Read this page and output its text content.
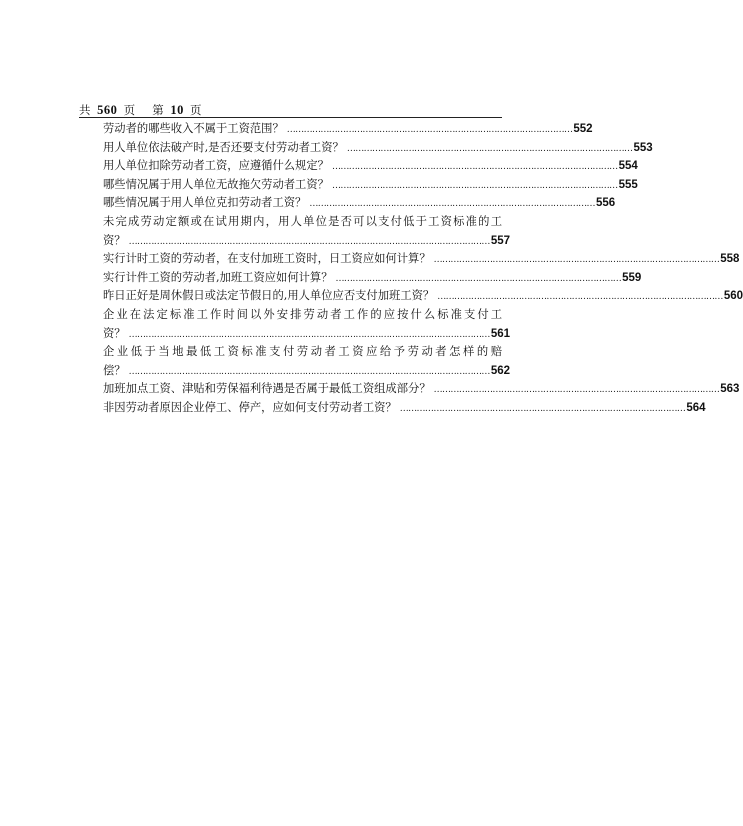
共 560 页 第 10 页
劳动者的哪些收入不属于工资范围？ ………………………………………………………………………………………… 552
用人单位依法破产时,是否还要支付劳动者工资？ ………………………………………………………………………………………… 553
用人单位扣除劳动者工资，应遵循什么规定？ ………………………………………………………………………………………… 554
哪些情况属于用人单位无故拖欠劳动者工资？ ………………………………………………………………………………………… 555
哪些情况属于用人单位克扣劳动者工资？ ………………………………………………………………………………………… 556
未完成劳动定额或在试用期内，用人单位是否可以支付低于工资标准的工
资？ ………………………………………………………………………………………………………………… 557
实行计时工资的劳动者，在支付加班工资时，日工资应如何计算？ ………………………………………………………………………………………… 558
实行计件工资的劳动者,加班工资应如何计算？ ………………………………………………………………………………………… 559
昨日正好是周休假日或法定节假日的,用人单位应否支付加班工资？ ………………………………………………………………………………………… 560
企业在法定标准工作时间以外安排劳动者工作的应按什么标准支付工
资？ ………………………………………………………………………………………………………………… 561
企业低于当地最低工资标准支付劳动者工资应给予劳动者怎样的赔
偿？ ………………………………………………………………………………………………………………… 562
加班加点工资、津贴和劳保福利待遇是否属于最低工资组成部分？ ………………………………………………………………………………………… 563
非因劳动者原因企业停工、停产，应如何支付劳动者工资？ ………………………………………………………………………………………… 564
